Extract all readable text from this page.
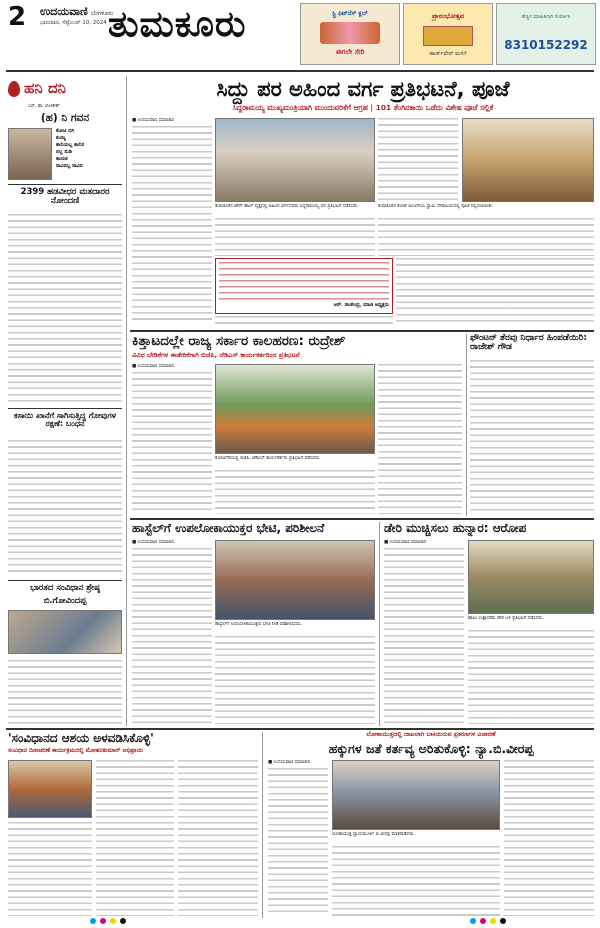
2 ಉದಯವಾಣಿ ಬೆಂಗಳೂರು
ಭಾನುವಾರ, ಸೆಪ್ಟೆಂಬರ್ 10, 2024 ತುಮಕೂರು	ಸ್ಟ್ರಿ ಫಿಟ್‌ನೆಸ್ ಕ್ಲಬ್
ಈಗಲೇ ಸೇರಿ
ಪ್ರಾರಂಭೋತ್ಸವ
ಹಾರ್ಡ್‌ವೇರ್ ಮಳಿಗೆ
ಹೆಚ್ಚಿನ ಮಾಹಿತಿಗಾಗಿ ಸಂಪರ್ಕಿಸಿ
8310152292
ಹನಿ ದನಿ
ಎಸ್. ಡಾ. ಲೋಕೇಶ್
(ಹ) ನಿ ಗವನ
ಕೋಟಿ ಬಿಗಿ
ಕುಯ್ಯಿ
ಕಾಲಿಯಲ್ಲ ಕಾಲಿನ
ನಲ್ಲ ನುಡಿ
ಕಾಯಕ
ನಾವಿನಲ್ಲ ನಾವಿನ
2399 ಹಡವೀಧರ ಮತದಾರರ ನೋಂದಣಿ
ಕಸಾಯಿ ಖಾನೆಗೆ ಸಾಗಿಸುತ್ತಿದ್ದ ಗೋವುಗಳ ರಕ್ಷಣೆ: ಬಂಧನ
ಭಾರತದ ಸಂವಿಧಾನ ಶ್ರೇಷ್ಠ
ಬಿ.ಗೋವಿಂದಪ್ಪ
ಸಿದ್ದು ಪರ ಅಹಿಂದ ವರ್ಗ ಪ್ರತಿಭಟನೆ, ಪೂಜೆ
ಸಿದ್ದರಾಮಯ್ಯ ಮುಖ್ಯಮಂತ್ರಿಯಾಗಿ ಮುಂದುವರಿಕೆಗೆ ಆಗ್ರಹ | 101 ತೆಂಗಿನಕಾಯಿ ಒಡೆದು ವಿಶೇಷ ಪೂಜೆ ಸಲ್ಲಿಕೆ
■ ಉದಯವಾಣಿ ಸಮಾಚಾರ
ತುಮಕೂರಿನ ಟೌನ್ ಹಾಲ್ ವೃತ್ತದಲ್ಲಿ ಅಹಿಂದ ವರ್ಗದವರು ಸಿದ್ದರಾಮಯ್ಯ ಪರ ಪ್ರತಿಭಟನೆ ನಡೆಸಿದರು.	ತುಮಕೂರಿನ ಕೋಟೆ ಆಂಜನೇಯ ಸ್ವಾಮಿ ದೇವಾಲಯದಲ್ಲಿ ಪೂಜೆ ಸಲ್ಲಿಸಲಾಯಿತು.
ಆರ್. ರಾಜೇಂದ್ರ, ಮಾಜಿ ಅಧ್ಯಕ್ಷರು
ಕಿತ್ತಾಟದಲ್ಲೇ ರಾಜ್ಯ ಸರ್ಕಾರ ಕಾಲಹರಣ: ರುದ್ರೇಶ್
ವಿವಿಧ ಬೇಡಿಕೆಗಳ ಈಡೇರಿಕೆಗಾಗಿ ಬಿಜೆಪಿ, ಜೆಡಿಎಸ್ ಕಾರ್ಯಕರ್ತರಿಂದ ಪ್ರತಿಭಟನೆ
■ ಉದಯವಾಣಿ ಸಮಾಚಾರ
ಕೊರಟಗೆರೆಯಲ್ಲಿ ಬಿಜೆಪಿ, ಜೆಡಿಎಸ್ ಕಾರ್ಯಕರ್ತರು ಪ್ರತಿಭಟನೆ ನಡೆಸಿದರು.
ಫೌಂಟನ್ ತೆರವು ನಿರ್ಧಾರ ಹಿಂಪಡೆಯಿರಿ: ರಾಜೇಶ್ ಗೌಡ
ಹಾಸ್ಟೆಲ್‌ಗೆ ಉಪಲೋಕಾಯುಕ್ತರ ಭೇಟಿ, ಪರಿಶೀಲನೆ
■ ಉದಯವಾಣಿ ಸಮಾಚಾರ
ಹಾಸ್ಟೆಲ್‌ಗೆ ಉಪಲೋಕಾಯುಕ್ತರು ಭೇಟಿ ನೀಡಿ ಪರಿಶೀಲಿಸಿದರು.
ಡೇರಿ ಮುಚ್ಚಿಸಲು ಹುನ್ನಾರ: ಆರೋಪ
■ ಉದಯವಾಣಿ ಸಮಾಚಾರ
ಹಾಲು ಉತ್ಪಾದಕರು ಡೇರಿ ಬಳಿ ಪ್ರತಿಭಟನೆ ನಡೆಸಿದರು.
'ಸಂವಿಧಾನದ ಆಶಯ ಅಳವಡಿಸಿಕೊಳ್ಳಿ'
ಸಂವಿಧಾನ ದಿನಾಚರಣೆ ಕಾರ್ಯಕ್ರಮದಲ್ಲಿ ಮೋಹನಕುಮಾರ್ ಅಭಿಪ್ರಾಯ
ಲೋಕಾಯುಕ್ತದಲ್ಲಿ ದಾಖಲಾಗಿ ಬಾಕಿಯಿರುವ ಪ್ರಕರಣಗಳ ವಿಚಾರಣೆ
ಹಕ್ಕುಗಳ ಜತೆ ಕರ್ತವ್ಯ ಅರಿತುಕೊಳ್ಳಿ: ನ್ಯಾ.ಬಿ.ವೀರಪ್ಪ
■ ಉದಯವಾಣಿ ಸಮಾಚಾರ
ಲೋಕಾಯುಕ್ತ ನ್ಯಾಯಮೂರ್ತಿ ಬಿ.ವೀರಪ್ಪ ಮಾತನಾಡಿದರು.
